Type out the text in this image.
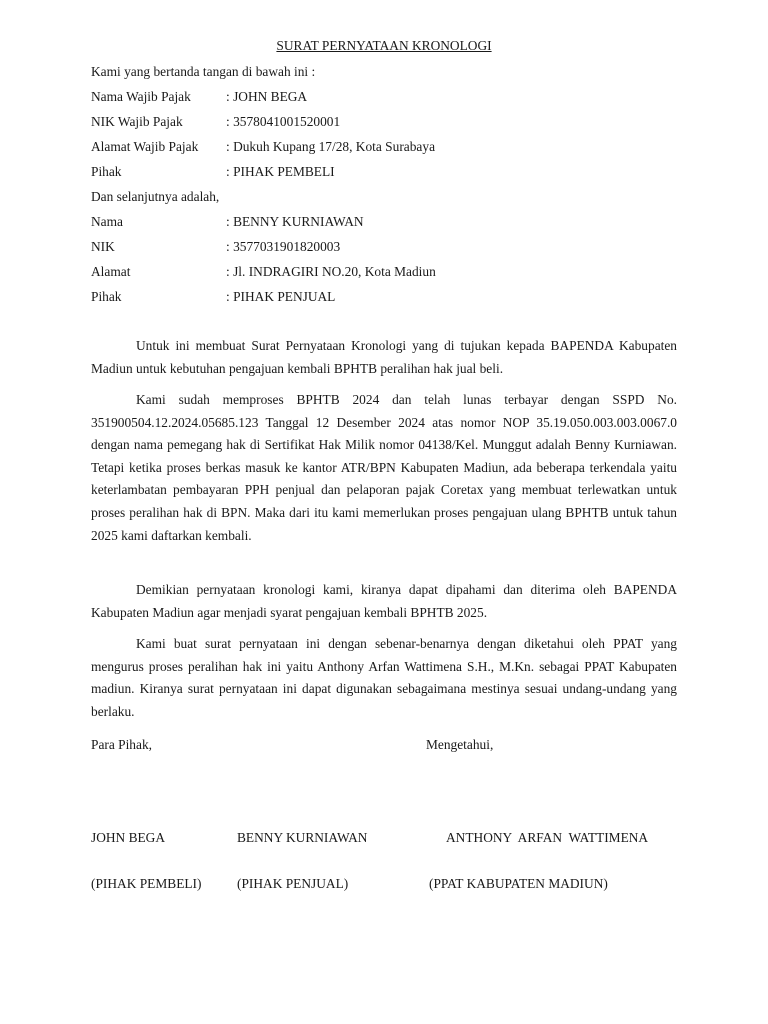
SURAT PERNYATAAN KRONOLOGI
Kami yang bertanda tangan di bawah ini :
Nama Wajib Pajak	: JOHN BEGA
NIK Wajib Pajak	: 3578041001520001
Alamat Wajib Pajak : Dukuh Kupang 17/28, Kota Surabaya
Pihak	: PIHAK PEMBELI
Dan selanjutnya adalah,
Nama	: BENNY KURNIAWAN
NIK	: 3577031901820003
Alamat	: Jl. INDRAGIRI NO.20, Kota Madiun
Pihak	: PIHAK PENJUAL

Untuk ini membuat Surat Pernyataan Kronologi yang di tujukan kepada BAPENDA Kabupaten Madiun untuk kebutuhan pengajuan kembali BPHTB peralihan hak jual beli.

Kami sudah memproses BPHTB 2024 dan telah lunas terbayar dengan SSPD No. 351900504.12.2024.05685.123 Tanggal 12 Desember 2024 atas nomor NOP 35.19.050.003.003.0067.0 dengan nama pemegang hak di Sertifikat Hak Milik nomor 04138/Kel. Munggut adalah Benny Kurniawan. Tetapi ketika proses berkas masuk ke kantor ATR/BPN Kabupaten Madiun, ada beberapa terkendala yaitu keterlambatan pembayaran PPH penjual dan pelaporan pajak Coretax yang membuat terlewatkan untuk proses peralihan hak di BPN. Maka dari itu kami memerlukan proses pengajuan ulang BPHTB untuk tahun 2025 kami daftarkan kembali.

Demikian pernyataan kronologi kami, kiranya dapat dipahami dan diterima oleh BAPENDA Kabupaten Madiun agar menjadi syarat pengajuan kembali BPHTB 2025.

Kami buat surat pernyataan ini dengan sebenar-benarnya dengan diketahui oleh PPAT yang mengurus proses peralihan hak ini yaitu Anthony Arfan Wattimena S.H., M.Kn. sebagai PPAT Kabupaten madiun. Kiranya surat pernyataan ini dapat digunakan sebagaimana mestinya sesuai undang-undang yang berlaku.

Para Pihak,	Mengetahui,
JOHN BEGA	BENNY KURNIAWAN	ANTHONY  ARFAN  WATTIMENA
(PIHAK PEMBELI)	(PIHAK PENJUAL)	(PPAT KABUPATEN MADIUN)
